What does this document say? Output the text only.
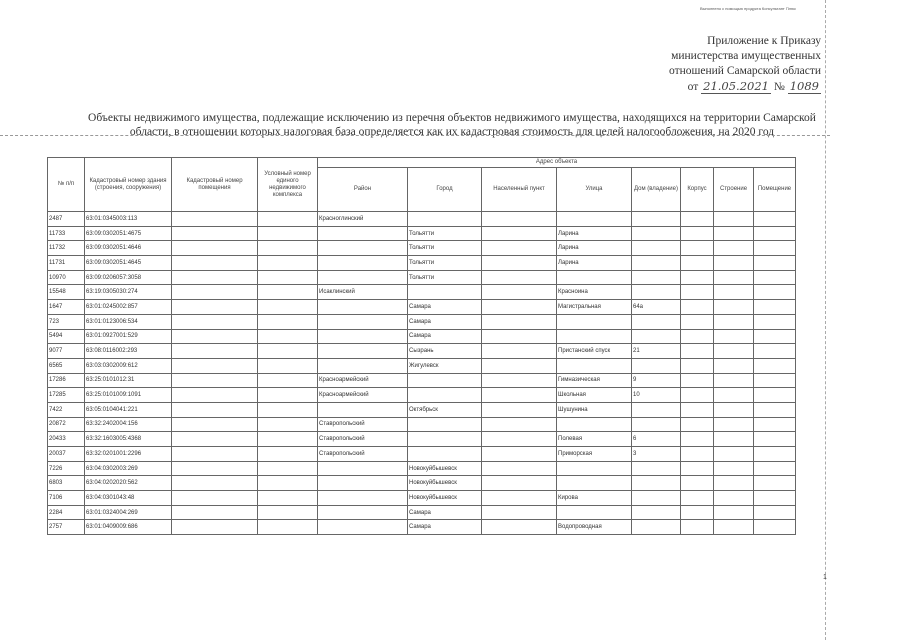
Выполнено с помощью продукта Консультант Плюс
Приложение к Приказу
министерства имущественных
отношений Самарской области
от 21.05.2021 № 1089
Объекты недвижимого имущества, подлежащие исключению из перечня объектов недвижимого имущества, находящихся на территории Самарской области, в отношении которых налоговая база определяется как их кадастровая стоимость для целей налогообложения, на 2020 год
№ п/п	Кадастровый номер здания (строения, сооружения)	Кадастровый номер помещения	Условный номер единого недвижимого комплекса	Адрес объекта							
				Район	Город	Населенный пункт	Улица	Дом (владение)	Корпус	Строение	Помещение
2487	63:01:0345003:113			Красноглинский							
11733	63:09:0302051:4675				Тольятти		Ларина				
11732	63:09:0302051:4646				Тольятти		Ларина				
11731	63:09:0302051:4645				Тольятти		Ларина				
10970	63:09:0206057:3058				Тольятти						
15548	63:19:0305030:274			Исаклинский			Красноина				
1647	63:01:0245002:857				Самара		Магистральная	64а			
723	63:01:0123006:534				Самара						
5494	63:01:0927001:529				Самара						
9077	63:08:0116002:293				Сызрань		Пристанский спуск	21			
6565	63:03:0302009:612				Жигулевск						
17286	63:25:0101012:31			Красноармейский			Гимназическая	9			
17285	63:25:0101009:1091			Красноармейский			Школьная	10			
7422	63:05:0104041:221				Октябрьск		Шушунина				
20872	63:32:2402004:156			Ставропольский							
20433	63:32:1603005:4368			Ставропольский			Полевая	6			
20037	63:32:0201001:2296			Ставропольский			Приморская	3			
7226	63:04:0302003:269				Новокуйбышевск						
6803	63:04:0202020:562				Новокуйбышевск						
7106	63:04:0301043:48				Новокуйбышевск		Кирова				
2284	63:01:0324004:269				Самара						
2757	63:01:0409009:686				Самара		Водопроводная				
1
